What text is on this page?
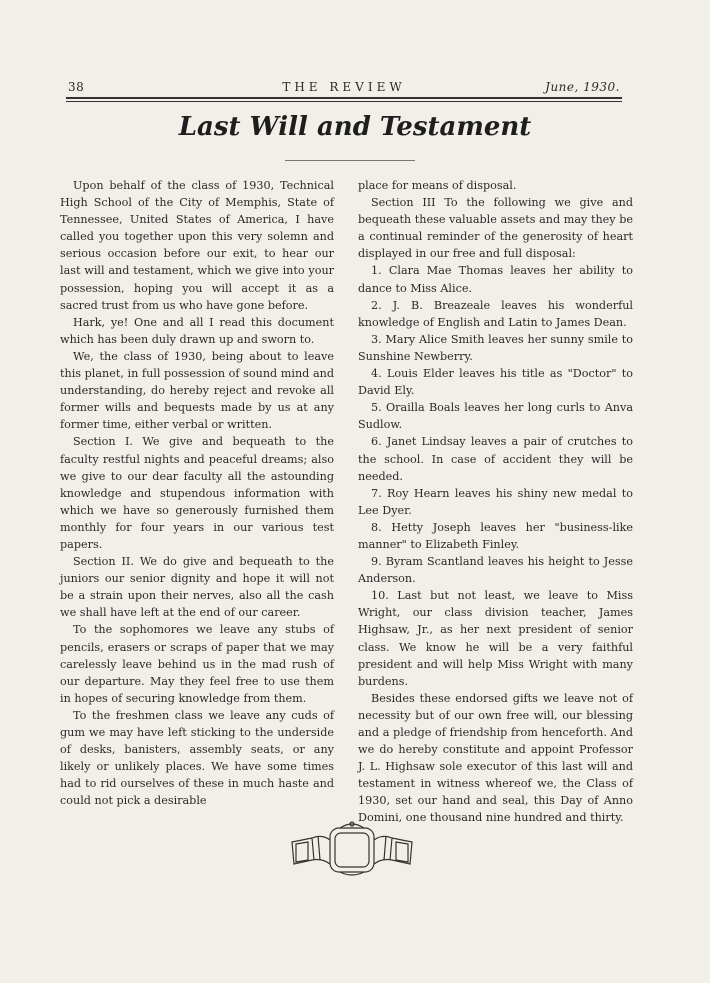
38	THE REVIEW	June, 1930.
Last Will and Testament

Upon behalf of the class of 1930, Technical High School of the City of Memphis, State of Tennessee, United States of America, I have called you together upon this very solemn and serious occasion before our exit, to hear our last will and testament, which we give into your possession, hoping you will accept it as a sacred trust from us who have gone before.

Hark, ye! One and all I read this document which has been duly drawn up and sworn to.

We, the class of 1930, being about to leave this planet, in full possession of sound mind and understanding, do hereby reject and revoke all former wills and bequests made by us at any former time, either verbal or written.

Section I. We give and bequeath to the faculty restful nights and peaceful dreams; also we give to our dear faculty all the astounding knowledge and stupendous information with which we have so generously furnished them monthly for four years in our various test papers.

Section II. We do give and bequeath to the juniors our senior dignity and hope it will not be a strain upon their nerves, also all the cash we shall have left at the end of our career.

To the sophomores we leave any stubs of pencils, erasers or scraps of paper that we may carelessly leave behind us in the mad rush of our departure. May they feel free to use them in hopes of securing knowledge from them.

To the freshmen class we leave any cuds of gum we may have left sticking to the underside of desks, banisters, assembly seats, or any likely or unlikely places. We have some times had to rid ourselves of these in much haste and could not pick a desirable

place for means of disposal.

Section III To the following we give and bequeath these valuable assets and may they be a continual reminder of the generosity of heart displayed in our free and full disposal:

1. Clara Mae Thomas leaves her ability to dance to Miss Alice.

2. J. B. Breazeale leaves his wonderful knowledge of English and Latin to James Dean.

3. Mary Alice Smith leaves her sunny smile to Sunshine Newberry.

4. Louis Elder leaves his title as "Doctor" to David Ely.

5. Orailla Boals leaves her long curls to Anva Sudlow.

6. Janet Lindsay leaves a pair of crutches to the school. In case of accident they will be needed.

7. Roy Hearn leaves his shiny new medal to Lee Dyer.

8. Hetty Joseph leaves her "business-like manner" to Elizabeth Finley.

9. Byram Scantland leaves his height to Jesse Anderson.

10. Last but not least, we leave to Miss Wright, our class division teacher, James Highsaw, Jr., as her next president of senior class. We know he will be a very faithful president and will help Miss Wright with many burdens.

Besides these endorsed gifts we leave not of necessity but of our own free will, our blessing and a pledge of friendship from henceforth. And we do hereby constitute and appoint Professor J. L. Highsaw sole executor of this last will and testament in witness whereof we, the Class of 1930, set our hand and seal, this Day of Anno Domini, one thousand nine hundred and thirty.
